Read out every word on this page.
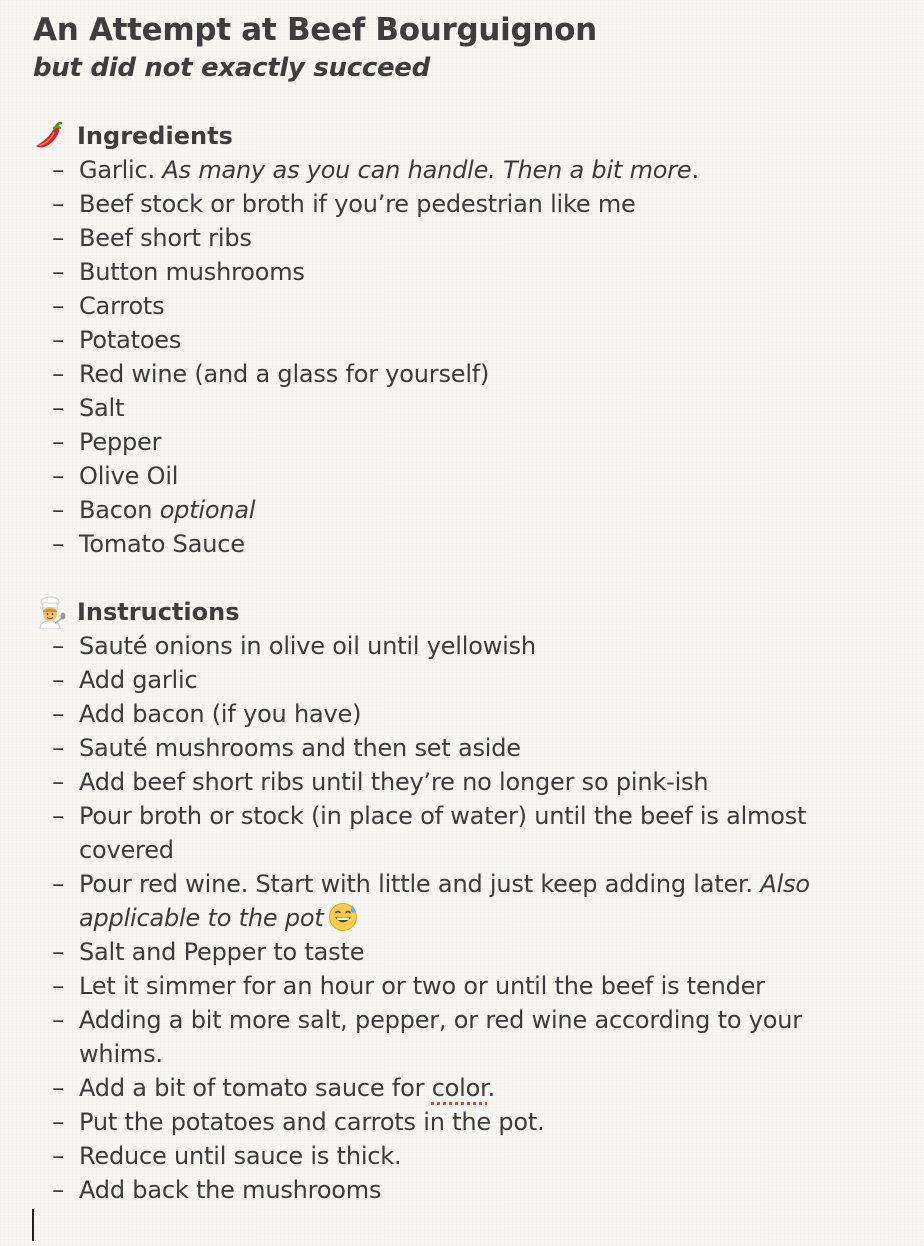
An Attempt at Beef Bourguignon
but did not exactly succeed
Ingredients
– Garlic. As many as you can handle. Then a bit more.
– Beef stock or broth if you’re pedestrian like me
– Beef short ribs
– Button mushrooms
– Carrots
– Potatoes
– Red wine (and a glass for yourself)
– Salt
– Pepper
– Olive Oil
– Bacon optional
– Tomato Sauce
Instructions
– Sauté onions in olive oil until yellowish
– Add garlic
– Add bacon (if you have)
– Sauté mushrooms and then set aside
– Add beef short ribs until they’re no longer so pink-ish
– Pour broth or stock (in place of water) until the beef is almost covered
– Pour red wine. Start with little and just keep adding later. Also applicable to the pot
– Salt and Pepper to taste
– Let it simmer for an hour or two or until the beef is tender
– Adding a bit more salt, pepper, or red wine according to your whims.
– Add a bit of tomato sauce for color.
– Put the potatoes and carrots in the pot.
– Reduce until sauce is thick.
– Add back the mushrooms
